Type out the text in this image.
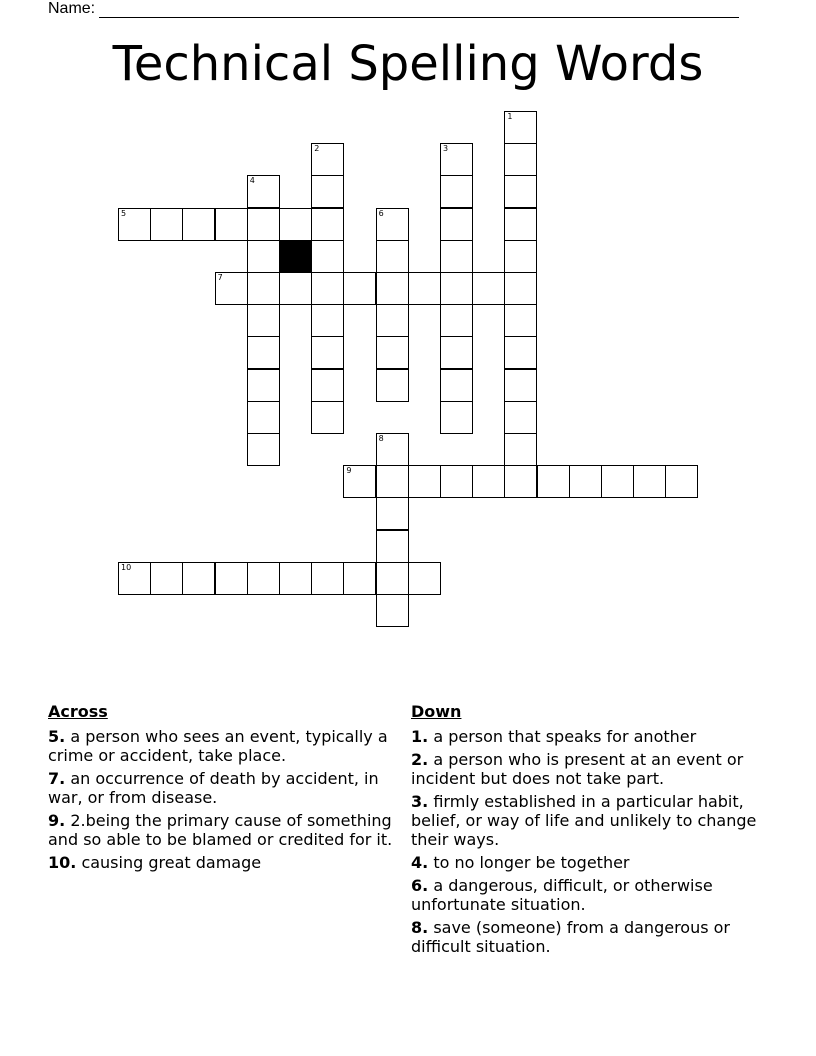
Name:
Technical Spelling Words
1
2	3
4
5	6
7
8
9
10
Across
5. a person who sees an event, typically a crime or accident, take place.
7. an occurrence of death by accident, in war, or from disease.
9. 2.being the primary cause of something and so able to be blamed or credited for it.
10. causing great damage
Down
1. a person that speaks for another
2. a person who is present at an event or incident but does not take part.
3. firmly established in a particular habit, belief, or way of life and unlikely to change their ways.
4. to no longer be together
6. a dangerous, difficult, or otherwise unfortunate situation.
8. save (someone) from a dangerous or difficult situation.
